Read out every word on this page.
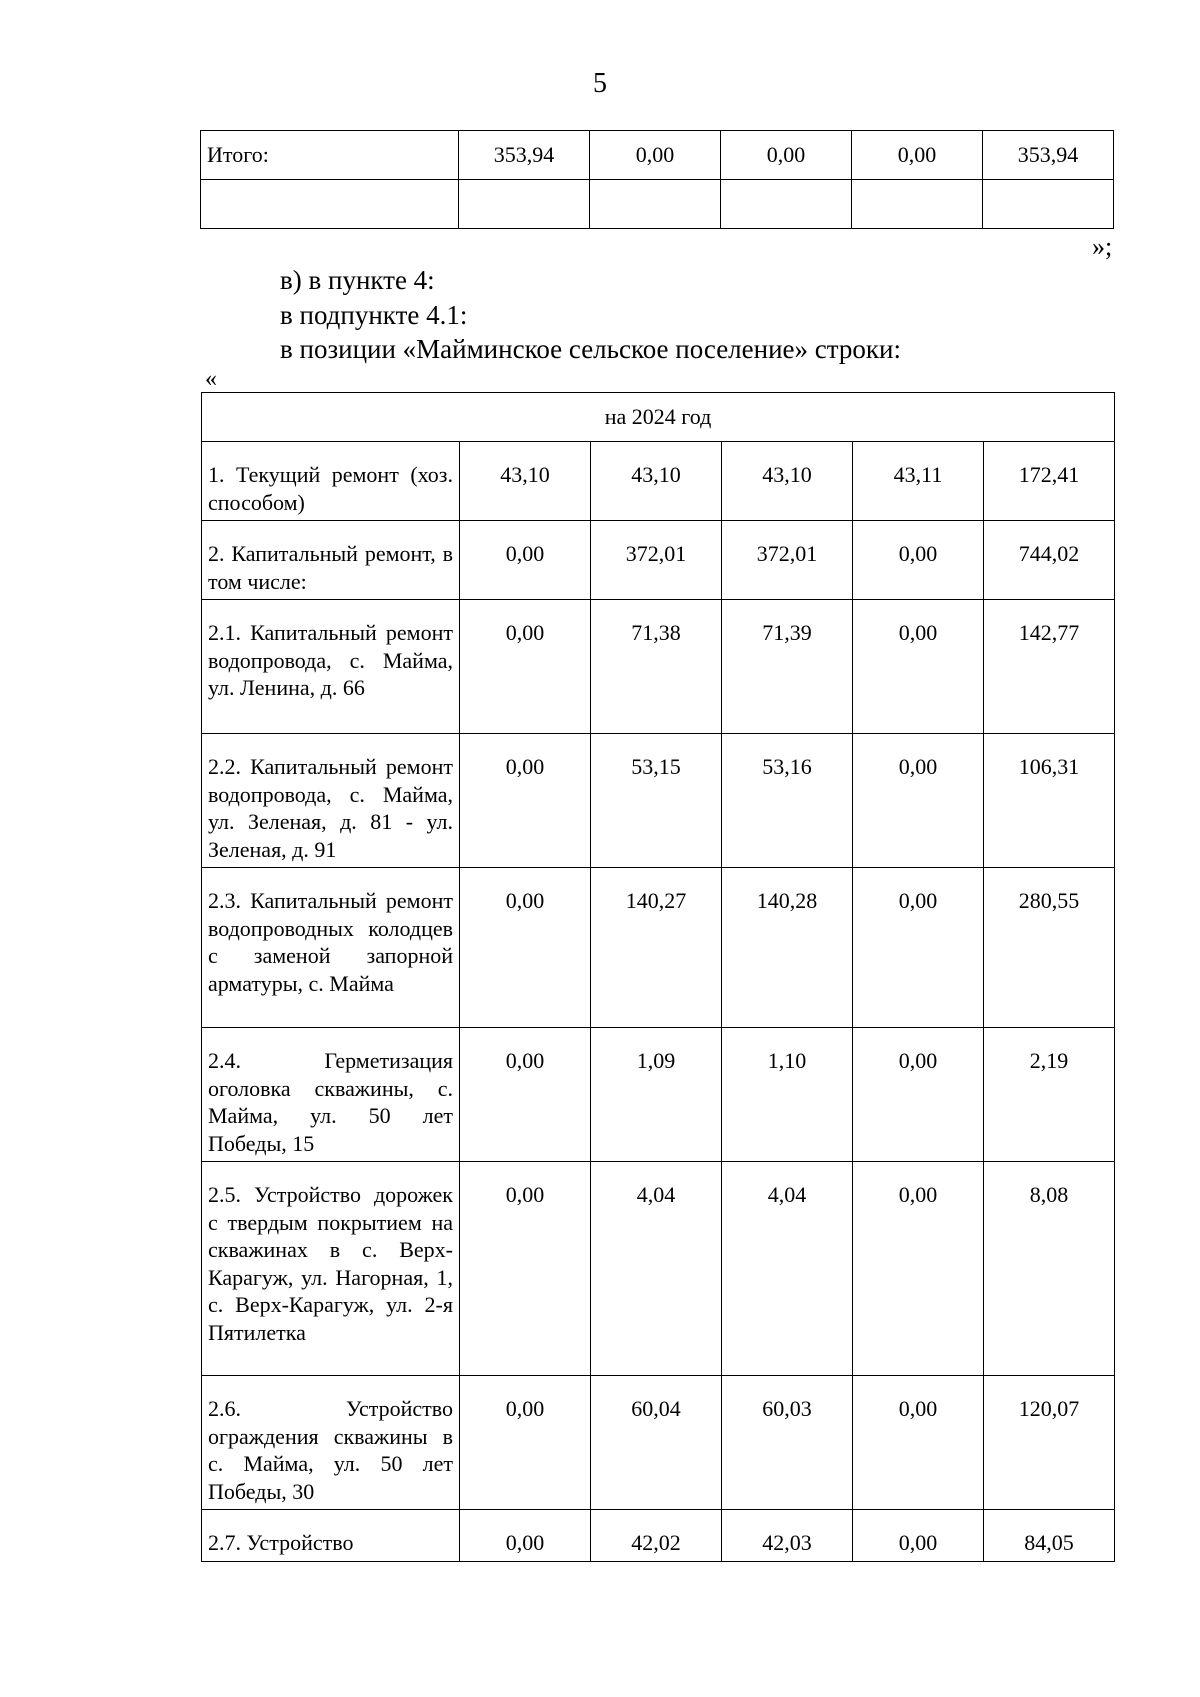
5
Итого:	353,94	0,00	0,00	0,00	353,94

»;
в) в пункте 4:
в подпункте 4.1:
в позиции «Майминское сельское поселение» строки:
«
на 2024 год					
1. Текущий ремонт (хоз. способом)	43,10	43,10	43,10	43,11	172,41
2. Капитальный ремонт, в том числе:	0,00	372,01	372,01	0,00	744,02
2.1. Капитальный ремонт водопровода, с. Майма, ул. Ленина, д. 66	0,00	71,38	71,39	0,00	142,77
2.2. Капитальный ремонт водопровода, с. Майма, ул. Зеленая, д. 81 - ул. Зеленая, д. 91	0,00	53,15	53,16	0,00	106,31
2.3. Капитальный ремонт водопроводных колодцев с заменой запорной арматуры, с. Майма	0,00	140,27	140,28	0,00	280,55
2.4. Герметизация оголовка скважины, с. Майма, ул. 50 лет Победы, 15	0,00	1,09	1,10	0,00	2,19
2.5. Устройство дорожек с твердым покрытием на скважинах в с. Верх-Карагуж, ул. Нагорная, 1, с. Верх-Карагуж, ул. 2-я Пятилетка	0,00	4,04	4,04	0,00	8,08
2.6. Устройство ограждения скважины в с. Майма, ул. 50 лет Победы, 30	0,00	60,04	60,03	0,00	120,07
2.7. Устройство	0,00	42,02	42,03	0,00	84,05
